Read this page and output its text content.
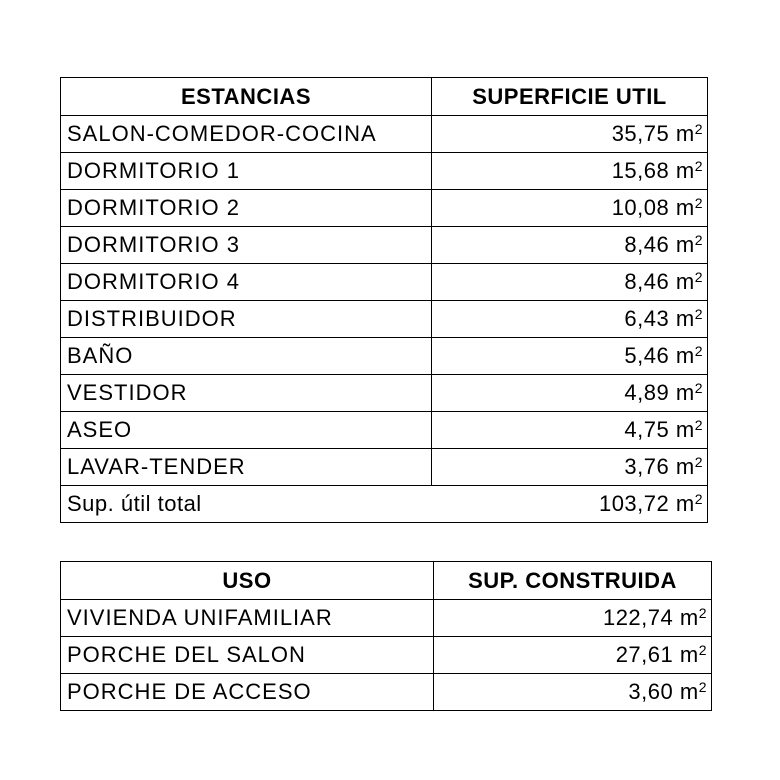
ESTANCIAS	SUPERFICIE UTIL
SALON-COMEDOR-COCINA	35,75 $m^2$
DORMITORIO 1	15,68 $m^2$
DORMITORIO 2	10,08 $m^2$
DORMITORIO 3	8,46 $m^2$
DORMITORIO 4	8,46 $m^2$
DISTRIBUIDOR	6,43 $m^2$
BAÑO	5,46 $m^2$
VESTIDOR	4,89 $m^2$
ASEO	4,75 $m^2$
LAVAR-TENDER	3,76 $m^2$
Sup. útil total	103,72 $m^2$
USO	SUP. CONSTRUIDA
VIVIENDA UNIFAMILIAR	122,74 $m^2$
PORCHE DEL SALON	27,61 $m^2$
PORCHE DE ACCESO	3,60 $m^2$
